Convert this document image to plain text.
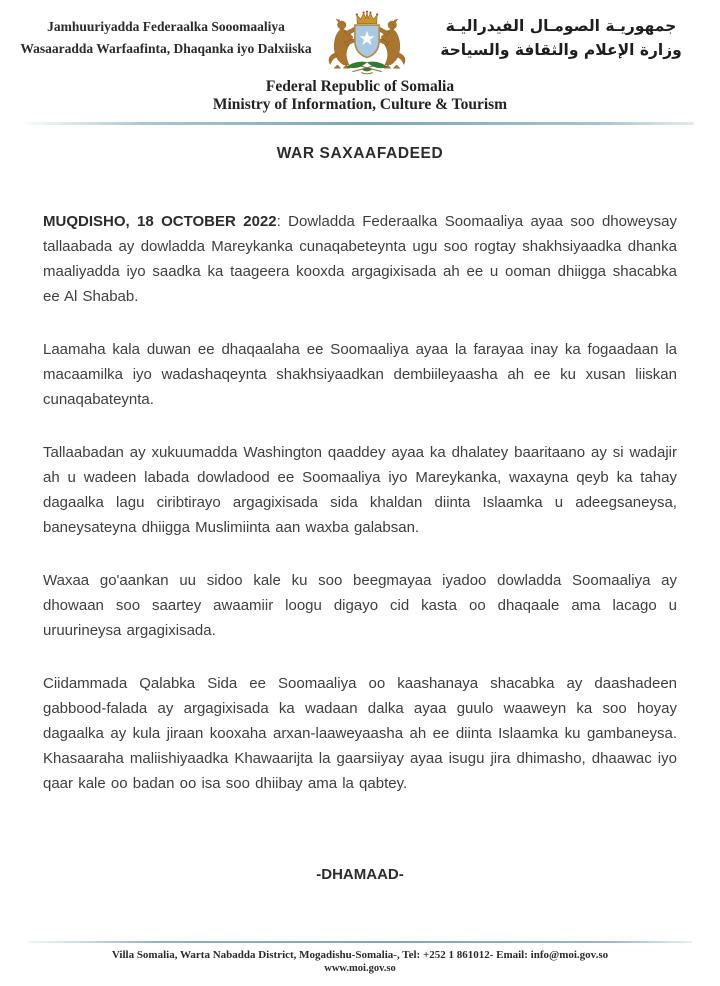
Jamhuuriyadda Federaalka Sooomaaliya
Wasaaradda Warfaafinta, Dhaqanka iyo Dalxiiska
جمهوريـة الصومـال الفيدراليـة
وزارة الإعلام والثقافة والسياحة
Federal Republic of Somalia
Ministry of Information, Culture & Tourism
WAR SAXAAFADEED

MUQDISHO, 18 OCTOBER 2022: Dowladda Federaalka Soomaaliya ayaa soo dhoweysay tallaabada ay dowladda Mareykanka cunaqabeteynta ugu soo rogtay shakhsiyaadka dhanka maaliyadda iyo saadka ka taageera kooxda argagixisada ah ee u ooman dhiigga shacabka ee Al Shabab.

Laamaha kala duwan ee dhaqaalaha ee Soomaaliya ayaa la farayaa inay ka fogaadaan la macaamilka iyo wadashaqeynta shakhsiyaadkan dembiileyaasha ah ee ku xusan liiskan cunaqabateynta.

Tallaabadan ay xukuumadda Washington qaaddey ayaa ka dhalatey baaritaano ay si wadajir ah u wadeen labada dowladood ee Soomaaliya iyo Mareykanka, waxayna qeyb ka tahay dagaalka lagu ciribtirayo argagixisada sida khaldan diinta Islaamka u adeegsaneysa, baneysateyna dhiigga Muslimiinta aan waxba galabsan.

Waxaa go'aankan uu sidoo kale ku soo beegmayaa iyadoo dowladda Soomaaliya ay dhowaan soo saartey awaamiir loogu digayo cid kasta oo dhaqaale ama lacago u uruurineysa argagixisada.

Ciidammada Qalabka Sida ee Soomaaliya oo kaashanaya shacabka ay daashadeen gabbood-falada ay argagixisada ka wadaan dalka ayaa guulo waaweyn ka soo hoyay dagaalka ay kula jiraan kooxaha arxan-laaweyaasha ah ee diinta Islaamka ku gambaneysa. Khasaaraha maliishiyaadka Khawaarijta la gaarsiiyay ayaa isugu jira dhimasho, dhaawac iyo qaar kale oo badan oo isa soo dhiibay ama la qabtey.

-DHAMAAD-
Villa Somalia, Warta Nabadda District, Mogadishu-Somalia-, Tel: +252 1 861012- Email: info@moi.gov.so
www.moi.gov.so
